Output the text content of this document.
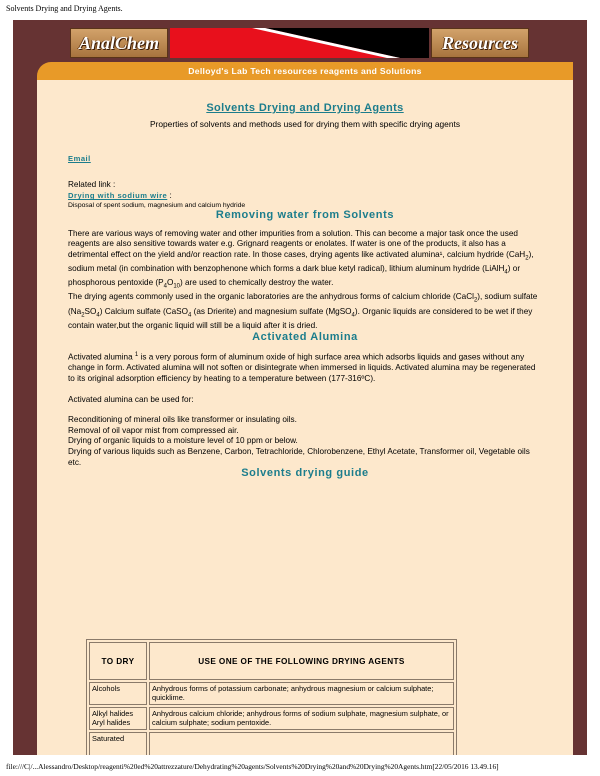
Solvents Drying and Drying Agents.
AnalChem	Resources
Delloyd's Lab Tech resources reagents and Solutions
Solvents Drying and Drying Agents
Properties of solvents and methods used for drying them with specific drying agents
Email
Related link :
Drying with sodium wire :
Disposal of spent sodium, magnesium and calcium hydride
Removing water from Solvents

There are various ways of removing water and other impurities from a solution. This can become a major task once the used reagents are also sensitive towards water e.g. Grignard reagents or enolates. If water is one of the products, it also has a detrimental effect on the yield and/or reaction rate. In those cases, drying agents like activated alumina¹, calcium hydride (CaH$_2$), sodium metal (in combination with benzophenone which forms a dark blue ketyl radical), lithium aluminum hydride (LiAlH$_4$) or phosphorous pentoxide $(P_4O_{10})$ are used to chemically destroy the water.

The drying agents commonly used in the organic laboratories are the anhydrous forms of calcium chloride (CaCl$_2$), sodium sulfate $(Na_2SO_4)$ Calcium sulfate (CaSO$_4$ (as Drierite) and magnesium sulfate (MgSO$_4$). Organic liquids are considered to be wet if they contain water,but the organic liquid will still be a liquid after it is dried.

Activated Alumina

Activated alumina $^1$ is a very porous form of aluminum oxide of high surface area which adsorbs liquids and gases without any change in form. Activated alumina will not soften or disintegrate when immersed in liquids. Activated alumina may be regenerated to its original adsorption efficiency by heating to a temperature between (177-316ºC).

Activated alumina can be used for:

Reconditioning of mineral oils like transformer or insulating oils.
Removal of oil vapor mist from compressed air.
Drying of organic liquids to a moisture level of 10 ppm or below.
Drying of various liquids such as Benzene, Carbon, Tetrachloride, Chlorobenzene, Ethyl Acetate, Transformer oil, Vegetable oils etc.
Solvents drying guide
TO DRY	USE ONE OF THE FOLLOWING DRYING AGENTS
Alcohols	Anhydrous forms of potassium carbonate; anhydrous magnesium or calcium sulphate; quicklime.

Alkyl halides
Aryl halides	Anhydrous calcium chloride; anhydrous forms of sodium sulphate, magnesium sulphate, or calcium sulphate; sodium pentoxide.
Saturated	
file:///C|/...Alessandro/Desktop/reagenti%20ed%20attrezzature/Dehydrating%20agents/Solvents%20Drying%20and%20Drying%20Agents.htm[22/05/2016 13.49.16]
